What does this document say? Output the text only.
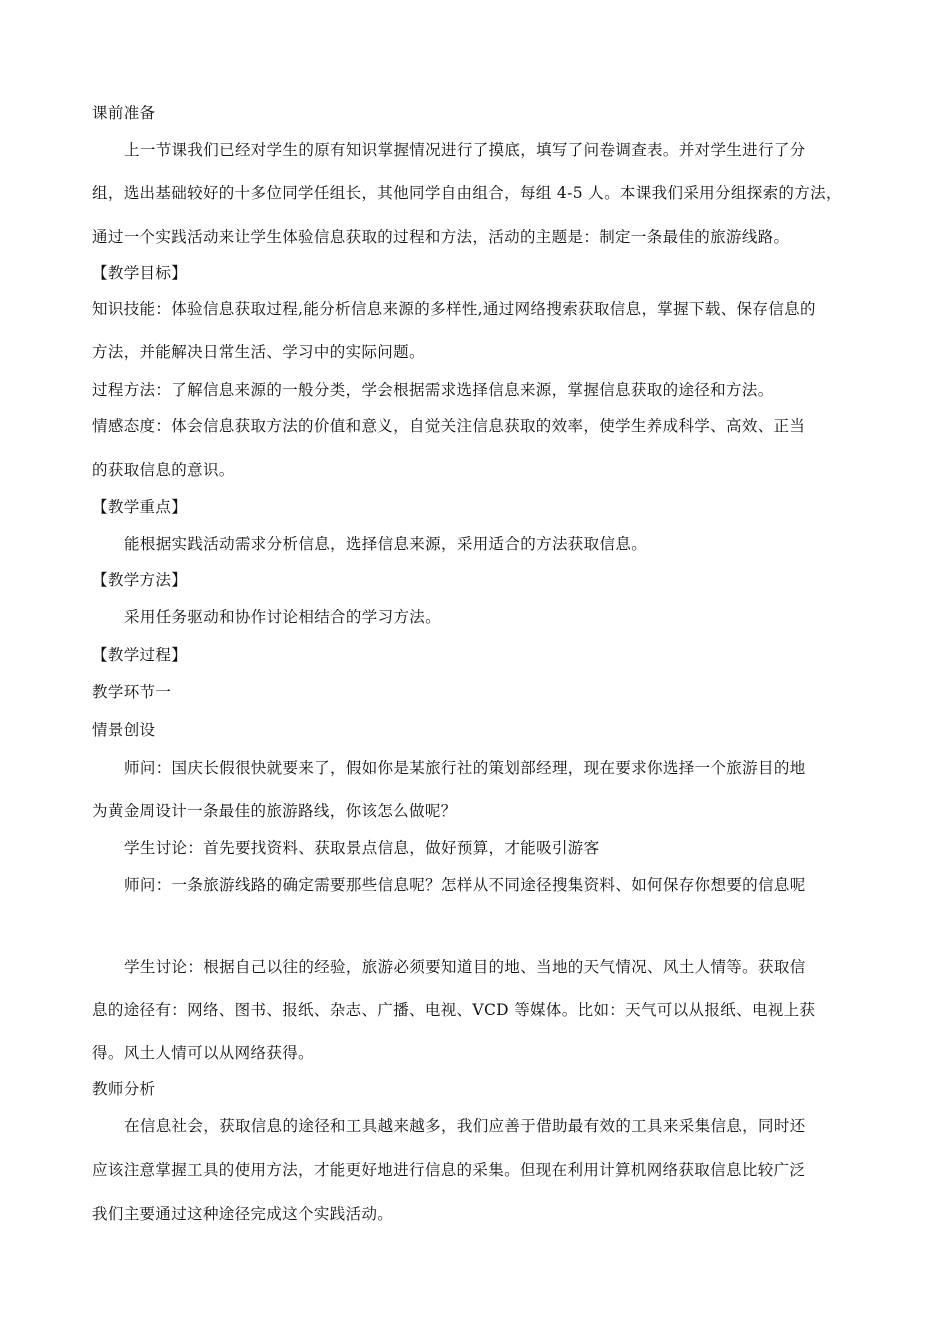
课前准备
上一节课我们已经对学生的原有知识掌握情况进行了摸底，填写了问卷调查表。并对学生进行了分
组，选出基础较好的十多位同学任组长，其他同学自由组合，每组 4-5 人。本课我们采用分组探索的方法，
通过一个实践活动来让学生体验信息获取的过程和方法，活动的主题是：制定一条最佳的旅游线路。
【教学目标】
知识技能：体验信息获取过程,能分析信息来源的多样性,通过网络搜索获取信息，掌握下载、保存信息的
方法，并能解决日常生活、学习中的实际问题。
过程方法：了解信息来源的一般分类，学会根据需求选择信息来源，掌握信息获取的途径和方法。
情感态度：体会信息获取方法的价值和意义，自觉关注信息获取的效率，使学生养成科学、高效、正当
的获取信息的意识。
【教学重点】
能根据实践活动需求分析信息，选择信息来源，采用适合的方法获取信息。
【教学方法】
采用任务驱动和协作讨论相结合的学习方法。
【教学过程】
教学环节一
情景创设
师问：国庆长假很快就要来了，假如你是某旅行社的策划部经理，现在要求你选择一个旅游目的地
为黄金周设计一条最佳的旅游路线，你该怎么做呢？
学生讨论：首先要找资料、获取景点信息，做好预算，才能吸引游客
师问：一条旅游线路的确定需要那些信息呢？怎样从不同途径搜集资料、如何保存你想要的信息呢
学生讨论：根据自己以往的经验，旅游必须要知道目的地、当地的天气情况、风土人情等。获取信
息的途径有：网络、图书、报纸、杂志、广播、电视、VCD 等媒体。比如：天气可以从报纸、电视上获
得。风土人情可以从网络获得。
教师分析
在信息社会，获取信息的途径和工具越来越多，我们应善于借助最有效的工具来采集信息，同时还
应该注意掌握工具的使用方法，才能更好地进行信息的采集。但现在利用计算机网络获取信息比较广泛
我们主要通过这种途径完成这个实践活动。
